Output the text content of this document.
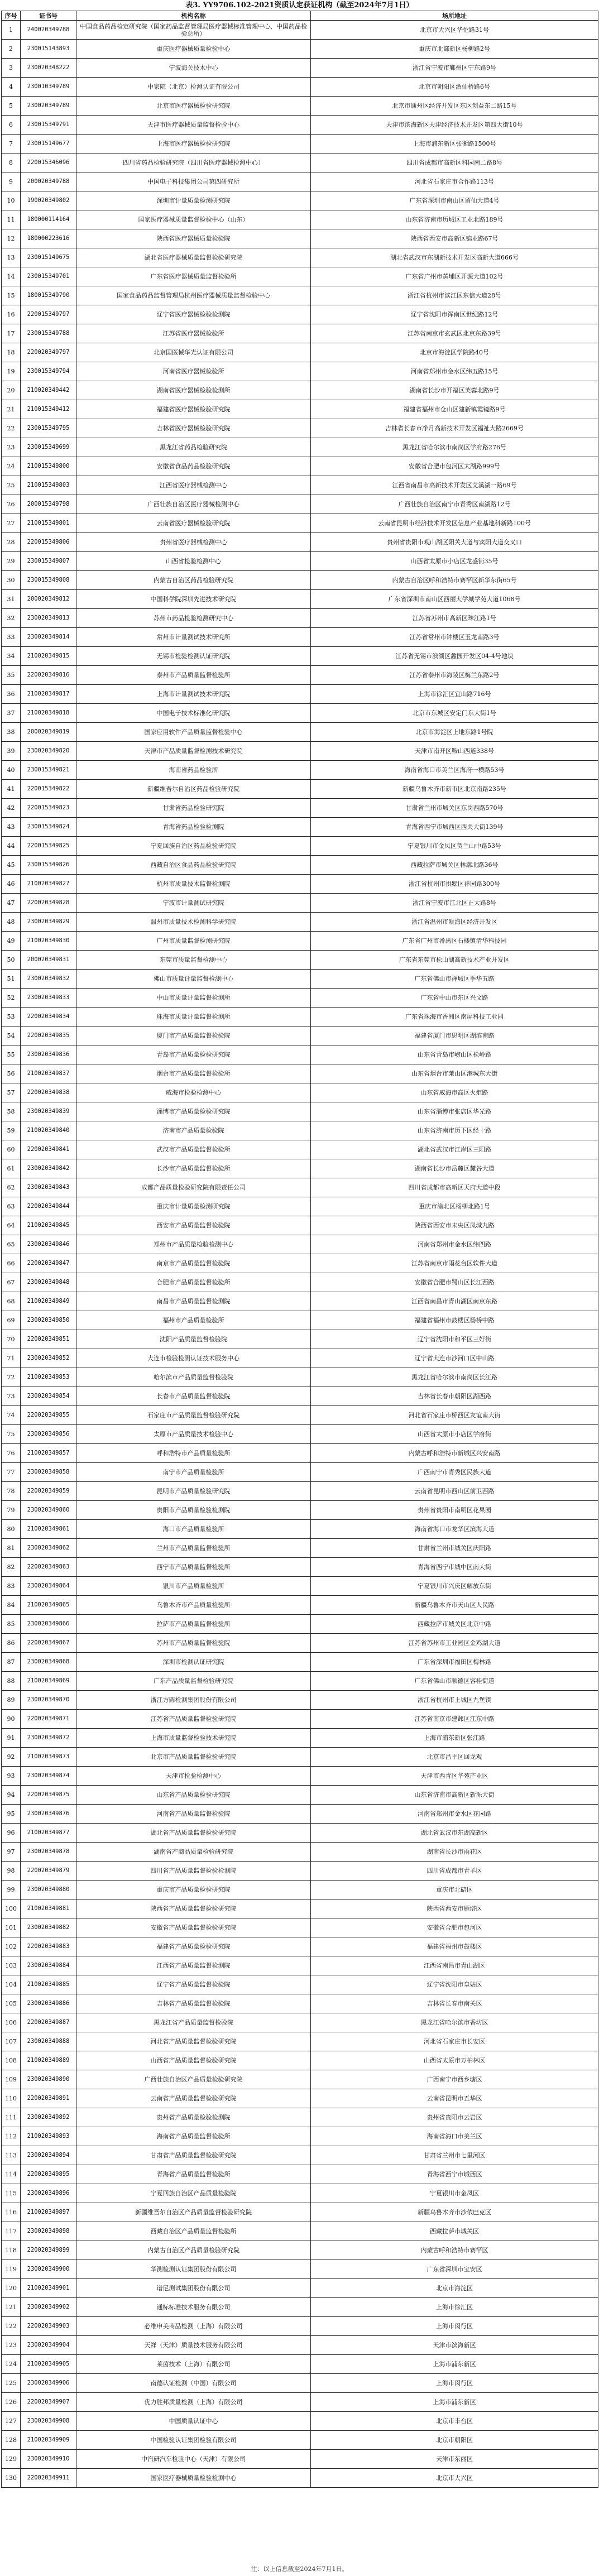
表3. YY9706.102-2021资质认定获证机构（截至2024年7月1日）
序号	证书号	机构名称	场所地址
1	240020349788	中国食品药品检定研究院（国家药品监督管理局医疗器械标准管理中心、中国药品检验总所）	北京市大兴区华佗路31号
2	230015143893	重庆医疗器械质量检验中心	重庆市北部新区杨柳路2号
3	230020348222	宁波海关技术中心	浙江省宁波市鄞州区宁东路9号
4	230010349789	中家院（北京）检测认证有限公司	北京市朝阳区酒仙桥路6号
5	230020349789	北京市医疗器械检验研究院	北京市通州区经济开发区东区创益东二路15号
6	230015349791	天津市医疗器械质量监督检验中心	天津市滨海新区天津经济技术开发区第四大街10号
7	230015149677	上海市医疗器械检验研究院	上海市浦东新区张衡路1500号
8	220015346096	四川省药品检验研究院（四川省医疗器械检测中心）	四川省成都市高新区科园南二路8号
9	200020349788	中国电子科技集团公司第四研究所	河北省石家庄市合作路113号
10	190020349802	深圳市计量质量检测研究院	广东省深圳市南山区留仙大道4号
11	180000114164	国家医疗器械质量监督检验中心（山东）	山东省济南市历城区工业北路189号
12	180000223616	陕西省医疗器械质量检验院	陕西省西安市高新区锦业路67号
13	230015149675	湖北省医疗器械质量监督检验研究院	湖北省武汉市东湖新技术开发区高新大道666号
14	230015349701	广东省医疗器械质量监督检验所	广东省广州市黄埔区开源大道102号
15	180015349790	国家食品药品监督管理局杭州医疗器械质量监督检验中心	浙江省杭州市滨江区东信大道28号
16	220015349797	辽宁省医疗器械检验检测院	辽宁省沈阳市浑南区世纪路12号
17	230015349788	江苏省医疗器械检验所	江苏省南京市玄武区北京东路39号
18	220020349797	北京国医械华光认证有限公司	北京市海淀区学院路40号
19	230015349794	河南省医疗器械检验所	河南省郑州市金水区纬五路15号
20	210020349442	湖南省医疗器械检验检测所	湖南省长沙市开福区芙蓉北路9号
21	210015349412	福建省医疗器械检验研究院	福建省福州市仓山区建新镇霞镜路9号
22	230015349795	吉林省医疗器械检验研究院	吉林省长春市净月高新技术开发区福祉大路2669号
23	230015349699	黑龙江省药品检验研究院	黑龙江省哈尔滨市南岗区学府路276号
24	210015349800	安徽省食品药品检验研究院	安徽省合肥市包河区太湖路999号
25	210015349803	江西省医疗器械检测中心	江西省南昌市高新技术开发区艾溪湖一路69号
26	200015349798	广西壮族自治区医疗器械检测中心	广西壮族自治区南宁市青秀区南湖路12号
27	210015349801	云南省医疗器械检验研究院	云南省昆明市经济技术开发区信息产业基地科新路100号
28	220015349806	贵州省医疗器械检测中心	贵州省贵阳市观山湖区阳关大道与宾阳大道交叉口
29	230015349807	山西省检验检测中心	山西省太原市小店区龙盛街35号
30	230015349808	内蒙古自治区药品检验研究院	内蒙古自治区呼和浩特市赛罕区新华东街65号
31	200020349812	中国科学院深圳先进技术研究院	广东省深圳市南山区西丽大学城学苑大道1068号
32	230020349813	苏州市药品检验检测研究中心	江苏省苏州市高新区珠江路1号
33	230020349814	常州市计量测试技术研究所	江苏省常州市钟楼区玉龙南路3号
34	210020349815	无锡市检验检测认证研究院	江苏省无锡市滨湖区蠡园开发区04-4号地块
35	220020349816	泰州市产品质量监督检验所	江苏省泰州市海陵区梅兰东路2号
36	210020349817	上海市计量测试技术研究院	上海市徐汇区宜山路716号
37	210020349818	中国电子技术标准化研究院	北京市东城区安定门东大街1号
38	200020349819	国家应用软件产品质量监督检验中心	北京市海淀区上地东路1号院
39	230020349820	天津市产品质量监督检测技术研究院	天津市南开区鞍山西道338号
40	230015349821	海南省药品检验所	海南省海口市美兰区海府一横路53号
41	220015349822	新疆维吾尔自治区药品检验研究院	新疆乌鲁木齐市新市区北京南路235号
42	220015349823	甘肃省药品检验研究院	甘肃省兰州市城关区东岗西路570号
43	230015349824	青海省药品检验检测院	青海省西宁市城西区西关大街139号
44	220015349825	宁夏回族自治区药品检验研究院	宁夏银川市金凤区贺兰山中路53号
45	230015349826	西藏自治区食品药品检验研究院	西藏拉萨市城关区林廓北路36号
46	210020349827	杭州市质量技术监督检测院	浙江省杭州市拱墅区祥园路300号
47	220020349828	宁波市计量测试研究院	浙江省宁波市江北区正大路8号
48	230020349829	温州市质量技术检测科学研究院	浙江省温州市瓯海区经济开发区
49	210020349830	广州市质量监督检测研究院	广东省广州市番禺区石楼镇清华科技园
50	200020349831	东莞市质量监督检测中心	广东省东莞市松山湖高新技术产业开发区
51	230020349832	佛山市质量计量监督检测中心	广东省佛山市禅城区季华五路
52	230020349833	中山市质量计量监督检测所	广东省中山市东区兴文路
53	220020349834	珠海市质量计量监督检测所	广东省珠海市香洲区南屏科技工业园
54	220020349835	厦门市产品质量监督检验院	福建省厦门市思明区湖滨南路
55	230020349836	青岛市产品质量检验研究院	山东省青岛市崂山区松岭路
56	210020349837	烟台市产品质量监督检验所	山东省烟台市莱山区港城东大街
57	220020349838	威海市检验检测中心	山东省威海市高区火炬路
58	230020349839	淄博市产品质量检验研究院	山东省淄博市张店区华光路
59	210020349840	济南市产品质量检验院	山东省济南市历下区经十路
60	220020349841	武汉市产品质量监督检验所	湖北省武汉市江岸区三阳路
61	230020349842	长沙市产品质量监督检验所	湖南省长沙市岳麓区麓谷大道
62	230020349843	成都产品质量检验研究院有限责任公司	四川省成都市高新区天府大道中段
63	220020349844	重庆市计量质量检测研究院	重庆市渝北区杨柳北路1号
64	210020349845	西安市产品质量监督检验院	陕西省西安市未央区凤城九路
65	230020349846	郑州市产品质量检验检测中心	河南省郑州市金水区纬四路
66	220020349847	南京市产品质量监督检验院	江苏省南京市雨花台区软件大道
67	230020349848	合肥市产品质量监督检验所	安徽省合肥市蜀山区长江西路
68	210020349849	南昌市产品质量监督检测院	江西省南昌市青山湖区南京东路
69	230020349850	福州市产品质量检验所	福建省福州市鼓楼区杨桥中路
70	220020349851	沈阳产品质量监督检验院	辽宁省沈阳市和平区三好街
71	230020349852	大连市检验检测认证技术服务中心	辽宁省大连市沙河口区中山路
72	210020349853	哈尔滨市产品质量监督检验院	黑龙江省哈尔滨市南岗区长江路
73	230020349854	长春市产品质量监督检验院	吉林省长春市朝阳区湖西路
74	220020349855	石家庄市产品质量监督检验研究院	河北省石家庄市桥西区友谊南大街
75	230020349856	太原市产品质量技术检验中心	山西省太原市小店区学府街
76	210020349857	呼和浩特市产品质量检验所	内蒙古呼和浩特市新城区兴安南路
77	230020349858	南宁市产品质量检验所	广西南宁市青秀区民族大道
78	220020349859	昆明市产品质量检验研究院	云南省昆明市西山区前卫西路
79	230020349860	贵阳市产品质量检验检测院	贵州省贵阳市南明区花果园
80	210020349861	海口市产品质量检验所	海南省海口市龙华区滨海大道
81	230020349862	兰州市产品质量监督检验所	甘肃省兰州市城关区庆阳路
82	220020349863	西宁市产品质量监督检验所	青海省西宁市城中区南大街
83	230020349864	银川市产品质量检验所	宁夏银川市兴庆区解放东街
84	210020349865	乌鲁木齐市产品质量检验所	新疆乌鲁木齐市天山区人民路
85	230020349866	拉萨市产品质量监督检验所	西藏拉萨市城关区北京中路
86	220020349867	苏州市产品质量监督检验院	江苏省苏州市工业园区金鸡湖大道
87	230020349868	深圳市检测认证研究院	广东省深圳市福田区梅林路
88	210020349869	广东产品质量监督检验研究院	广东省佛山市顺德区容桂街道
89	230020349870	浙江方圆检测集团股份有限公司	浙江省杭州市上城区九堡镇
90	220020349871	江苏省产品质量监督检验研究院	江苏省南京市建邺区江东中路
91	230020349872	上海市质量监督检验技术研究院	上海市浦东新区张江路
92	210020349873	北京市产品质量监督检验研究院	北京市昌平区回龙观
93	230020349874	天津市检验检测中心	天津市西青区华苑产业区
94	220020349875	山东省产品质量检验研究院	山东省济南市高新区新泺大街
95	230020349876	河南省产品质量监督检验院	河南省郑州市金水区花园路
96	210020349877	湖北省产品质量监督检验研究院	湖北省武汉市东湖高新区
97	230020349878	湖南省产商品质量检验研究院	湖南省长沙市雨花区
98	220020349879	四川省产品质量监督检验检测院	四川省成都市青羊区
99	230020349880	重庆市产品质量检验研究院	重庆市北碚区
100	210020349881	陕西省产品质量监督检验研究院	陕西省西安市雁塔区
101	230020349882	安徽省产品质量监督检验研究院	安徽省合肥市包河区
102	220020349883	福建省产品质量检验研究院	福建省福州市鼓楼区
103	230020349884	江西省产品质量监督检测院	江西省南昌市青山湖区
104	210020349885	辽宁省产品质量监督检验院	辽宁省沈阳市皇姑区
105	230020349886	吉林省产品质量监督检验院	吉林省长春市南关区
106	220020349887	黑龙江省产品质量监督检验院	黑龙江省哈尔滨市香坊区
107	230020349888	河北省产品质量监督检验研究院	河北省石家庄市长安区
108	210020349889	山西省产品质量监督检验研究院	山西省太原市万柏林区
109	230020349890	广西壮族自治区产品质量检验研究院	广西南宁市西乡塘区
110	220020349891	云南省产品质量监督检验研究院	云南省昆明市五华区
111	230020349892	贵州省产品质量检验检测院	贵州省贵阳市云岩区
112	210020349893	海南省产品质量监督检验所	海南省海口市美兰区
113	230020349894	甘肃省产品质量监督检验研究院	甘肃省兰州市七里河区
114	220020349895	青海省产品质量监督检验所	青海省西宁市城西区
115	230020349896	宁夏回族自治区产品质量检验院	宁夏银川市金凤区
116	210020349897	新疆维吾尔自治区产品质量监督检验研究院	新疆乌鲁木齐市沙依巴克区
117	230020349898	西藏自治区产品质量监督检验所	西藏拉萨市城关区
118	220020349899	内蒙古自治区产品质量检验研究院	内蒙古呼和浩特市赛罕区
119	230020349900	华测检测认证集团股份有限公司	广东省深圳市宝安区
120	210020349901	谱尼测试集团股份有限公司	北京市海淀区
121	230020349902	通标标准技术服务有限公司	上海市徐汇区
122	220020349903	必维申美商品检测（上海）有限公司	上海市闵行区
123	230020349904	天祥（天津）质量技术服务有限公司	天津市滨海新区
124	210020349905	莱茵技术（上海）有限公司	上海市浦东新区
125	230020349906	南德认证检测（中国）有限公司	上海市闵行区
126	220020349907	优力胜邦质量检测（上海）有限公司	上海市浦东新区
127	230020349908	中国质量认证中心	北京市丰台区
128	210020349909	中国检验认证集团检验有限公司	北京市朝阳区
129	230020349910	中汽研汽车检验中心（天津）有限公司	天津市东丽区
130	220020349911	国家医疗器械质量检验检测中心	北京市大兴区
注：以上信息截至2024年7月1日。
